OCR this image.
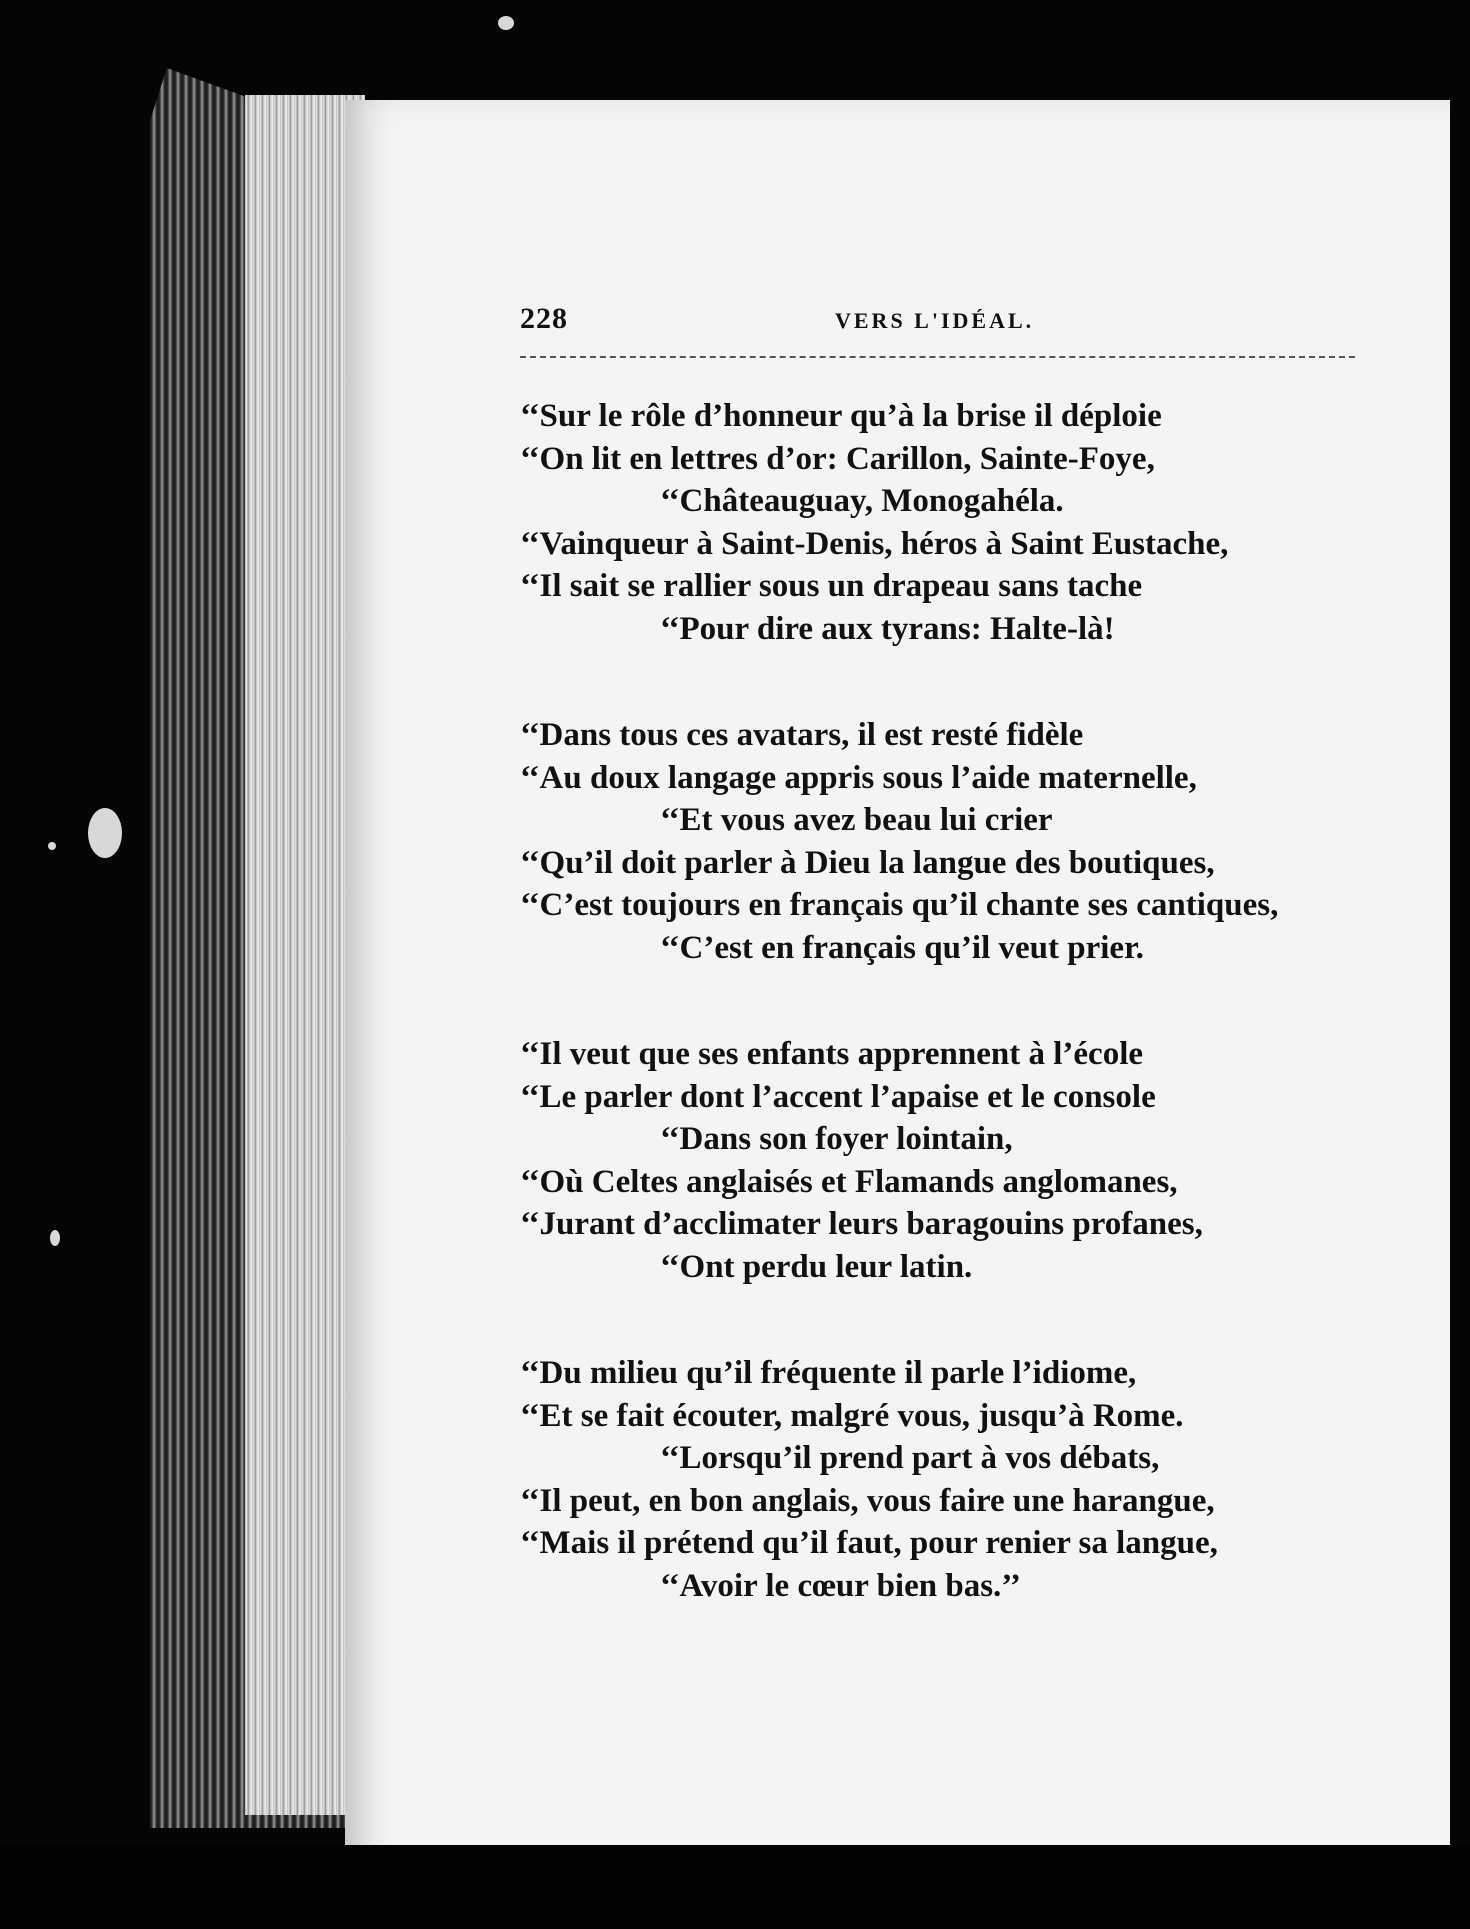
228	VERS L'IDÉAL.
‘‘Sur le rôle d’honneur qu’à la brise il déploie
‘‘On lit en lettres d’or: Carillon, Sainte-Foye,
‘‘Châteauguay, Monogahéla.
‘‘Vainqueur à Saint-Denis, héros à Saint Eustache,
‘‘Il sait se rallier sous un drapeau sans tache
‘‘Pour dire aux tyrans: Halte-là!
‘‘Dans tous ces avatars, il est resté fidèle
‘‘Au doux langage appris sous l’aide maternelle,
‘‘Et vous avez beau lui crier
‘‘Qu’il doit parler à Dieu la langue des boutiques,
‘‘C’est toujours en français qu’il chante ses cantiques,
‘‘C’est en français qu’il veut prier.
‘‘Il veut que ses enfants apprennent à l’école
‘‘Le parler dont l’accent l’apaise et le console
‘‘Dans son foyer lointain,
‘‘Où Celtes anglaisés et Flamands anglomanes,
‘‘Jurant d’acclimater leurs baragouins profanes,
‘‘Ont perdu leur latin.
‘‘Du milieu qu’il fréquente il parle l’idiome,
‘‘Et se fait écouter, malgré vous, jusqu’à Rome.
‘‘Lorsqu’il prend part à vos débats,
‘‘Il peut, en bon anglais, vous faire une harangue,
‘‘Mais il prétend qu’il faut, pour renier sa langue,
‘‘Avoir le cœur bien bas.’’
